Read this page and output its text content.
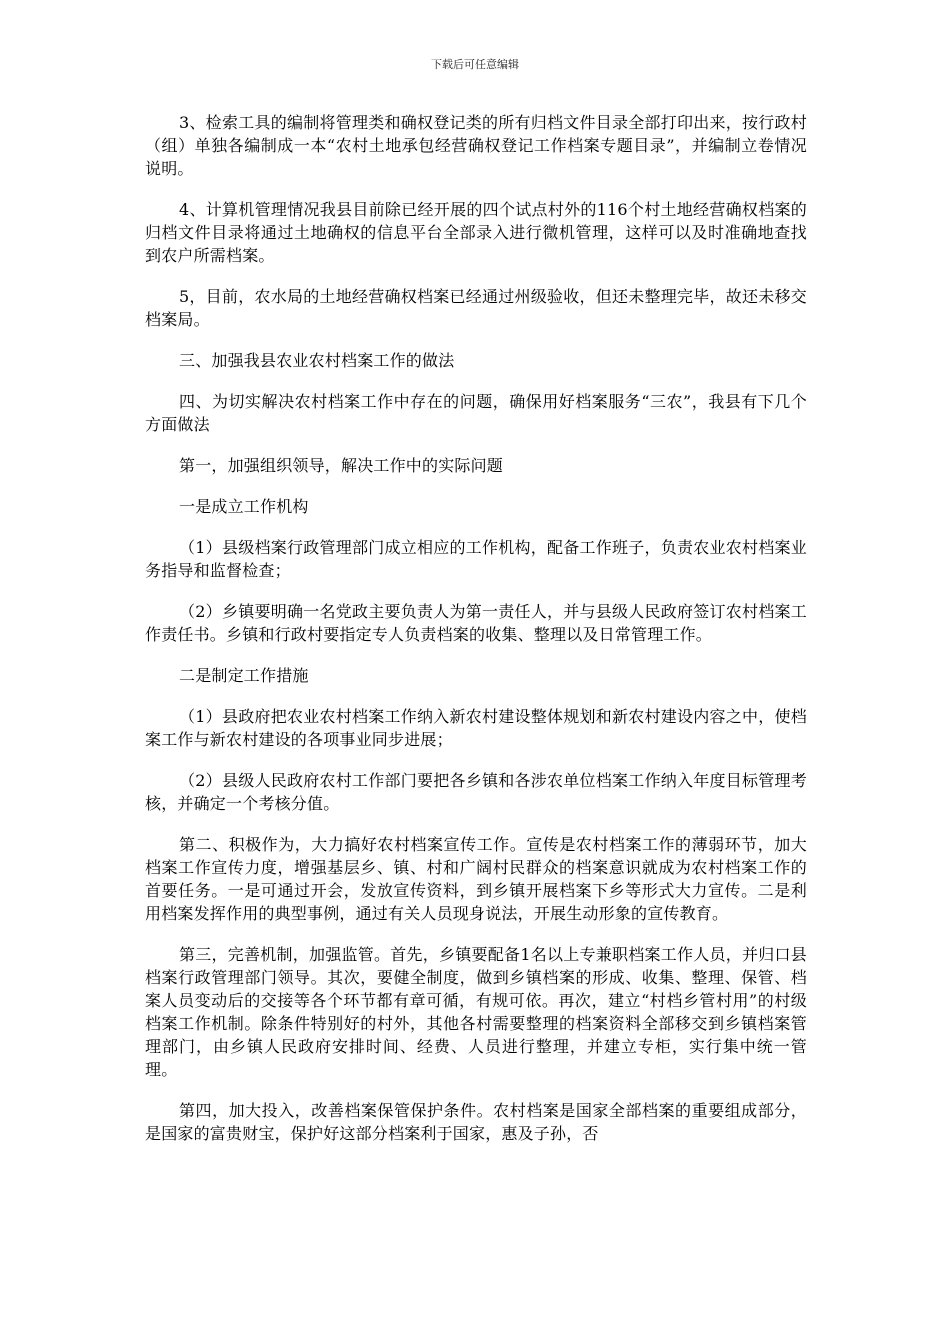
下载后可任意编辑

3、检索工具的编制将管理类和确权登记类的所有归档文件目录全部打印出来，按行政村（组）单独各编制成一本“农村土地承包经营确权登记工作档案专题目录”，并编制立卷情况说明。

4、计算机管理情况我县目前除已经开展的四个试点村外的116个村土地经营确权档案的归档文件目录将通过土地确权的信息平台全部录入进行微机管理，这样可以及时准确地查找到农户所需档案。

5，目前，农水局的土地经营确权档案已经通过州级验收，但还未整理完毕，故还未移交档案局。

三、加强我县农业农村档案工作的做法

四、为切实解决农村档案工作中存在的问题，确保用好档案服务“三农”，我县有下几个方面做法

第一，加强组织领导，解决工作中的实际问题

一是成立工作机构

（1）县级档案行政管理部门成立相应的工作机构，配备工作班子，负责农业农村档案业务指导和监督检查；

（2）乡镇要明确一名党政主要负责人为第一责任人，并与县级人民政府签订农村档案工作责任书。乡镇和行政村要指定专人负责档案的收集、整理以及日常管理工作。

二是制定工作措施

（1）县政府把农业农村档案工作纳入新农村建设整体规划和新农村建设内容之中，使档案工作与新农村建设的各项事业同步进展；

（2）县级人民政府农村工作部门要把各乡镇和各涉农单位档案工作纳入年度目标管理考核，并确定一个考核分值。

第二、积极作为，大力搞好农村档案宣传工作。宣传是农村档案工作的薄弱环节，加大档案工作宣传力度，增强基层乡、镇、村和广阔村民群众的档案意识就成为农村档案工作的首要任务。一是可通过开会，发放宣传资料，到乡镇开展档案下乡等形式大力宣传。二是利用档案发挥作用的典型事例，通过有关人员现身说法，开展生动形象的宣传教育。

第三，完善机制，加强监管。首先，乡镇要配备1名以上专兼职档案工作人员，并归口县档案行政管理部门领导。其次，要健全制度，做到乡镇档案的形成、收集、整理、保管、档案人员变动后的交接等各个环节都有章可循，有规可依。再次，建立“村档乡管村用”的村级档案工作机制。除条件特别好的村外，其他各村需要整理的档案资料全部移交到乡镇档案管理部门，由乡镇人民政府安排时间、经费、人员进行整理，并建立专柜，实行集中统一管理。

第四，加大投入，改善档案保管保护条件。农村档案是国家全部档案的重要组成部分，是国家的富贵财宝，保护好这部分档案利于国家，惠及子孙，否
